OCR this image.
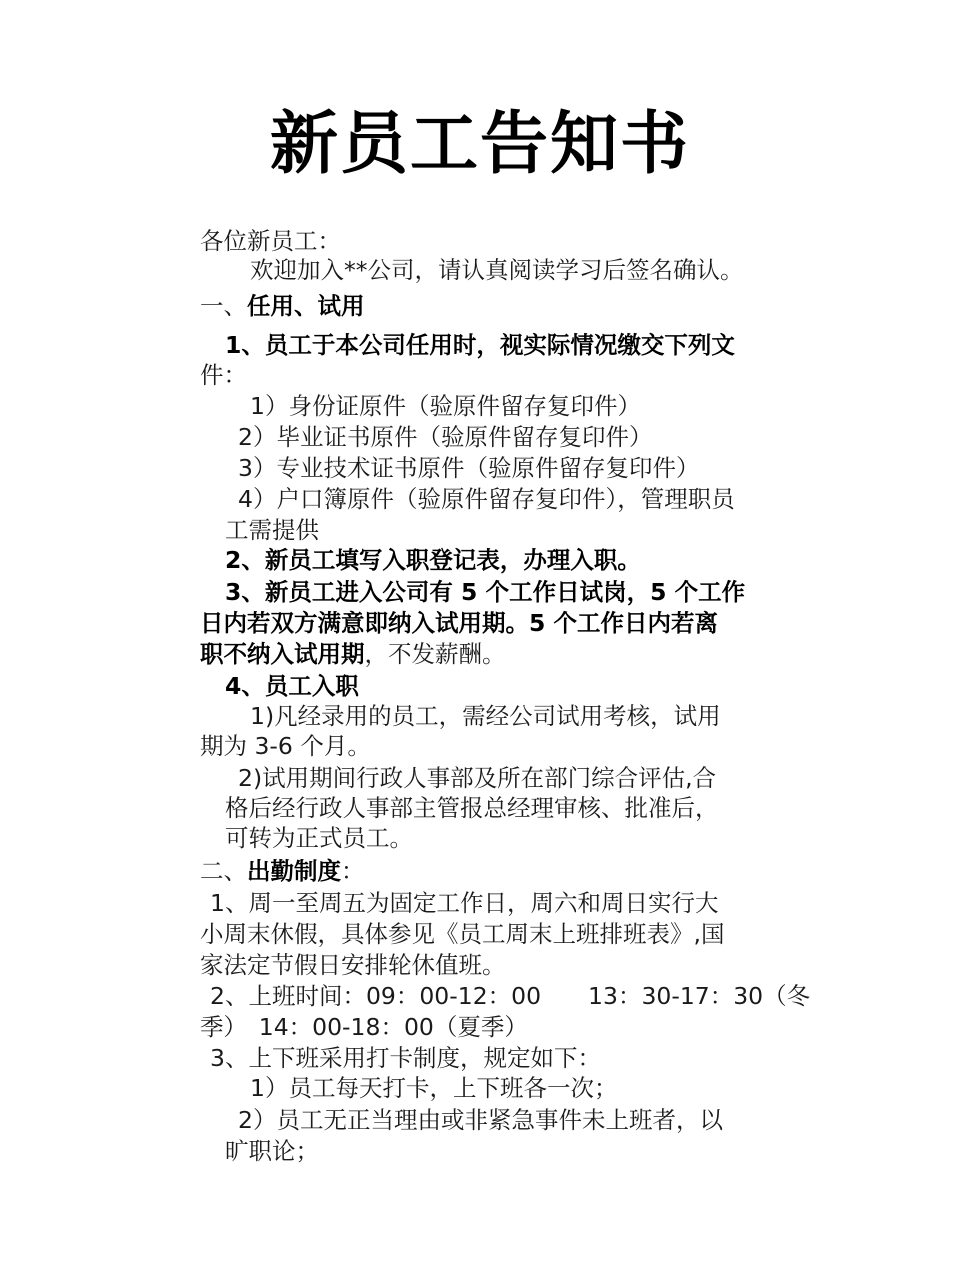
新员工告知书
各位新员工：
欢迎加入**公司，请认真阅读学习后签名确认。
一、任用、试用
1、员工于本公司任用时，视实际情况缴交下列文
件：
1）身份证原件（验原件留存复印件）
2）毕业证书原件（验原件留存复印件）
3）专业技术证书原件（验原件留存复印件）
4）户口簿原件（验原件留存复印件），管理职员
工需提供
2、新员工填写入职登记表，办理入职。
3、新员工进入公司有 5 个工作日试岗，5 个工作
日内若双方满意即纳入试用期。5 个工作日内若离
职不纳入试用期，不发薪酬。
4、员工入职
1)凡经录用的员工，需经公司试用考核，试用
期为 3-6 个月。
2)试用期间行政人事部及所在部门综合评估,合
格后经行政人事部主管报总经理审核、批准后，
可转为正式员工。
二、出勤制度：
1、周一至周五为固定工作日，周六和周日实行大
小周末休假，具体参见《员工周末上班排班表》,国
家法定节假日安排轮休值班。
2、上班时间：09：00-12：00　　13：30-17：30（冬
季）　14：00-18：00（夏季）
3、上下班采用打卡制度，规定如下：
1）员工每天打卡，上下班各一次；
2）员工无正当理由或非紧急事件未上班者，以
旷职论；
